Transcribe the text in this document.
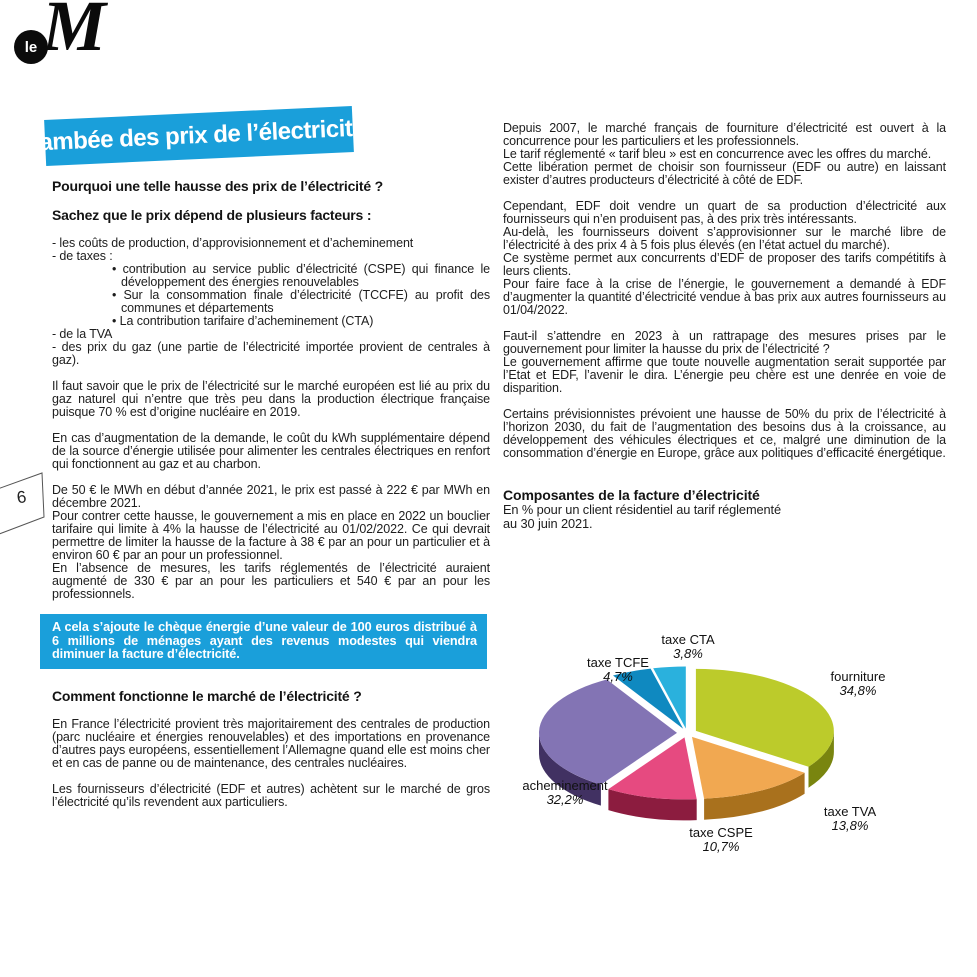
le M
Flambée des prix de l’électricité !
6
Pourquoi une telle hausse des prix de l’électricité ?
Sachez que le prix dépend de plusieurs facteurs :
- les coûts de production, d’approvisionnement et d’acheminement
- de taxes :
• contribution au service public d’électricité (CSPE) qui finance le développement des énergies renouvelables
• Sur la consommation finale d’électricité (TCCFE) au profit des communes et départements
• La contribution tarifaire d’acheminement (CTA)
- de la TVA
- des prix du gaz (une partie de l’électricité importée provient de centrales à gaz).
Il faut savoir que le prix de l’électricité sur le marché européen est lié au prix du gaz naturel qui n’entre que très peu dans la production électrique française puisque 70 % est d’origine nucléaire en 2019.
En cas d’augmentation de la demande, le coût du kWh supplémentaire dépend de la source d’énergie utilisée pour alimenter les centrales électriques en renfort qui fonctionnent au gaz et au charbon.
De 50 € le MWh en début d’année 2021, le prix est passé à 222 € par MWh en décembre 2021.
Pour contrer cette hausse, le gouvernement a mis en place en 2022 un bouclier tarifaire qui limite à 4% la hausse de l’électricité au 01/02/2022. Ce qui devrait permettre de limiter la hausse de la facture à 38 € par an pour un particulier et à environ 60 € par an pour un professionnel.
En l’absence de mesures, les tarifs réglementés de l’électricité auraient augmenté de 330 € par an pour les particuliers et 540 € par an pour les professionnels.
A cela s’ajoute le chèque énergie d’une valeur de 100 euros distribué à 6 millions de ménages ayant des revenus modestes qui viendra diminuer la facture d’électricité.
Comment fonctionne le marché de l’électricité ?
En France l’électricité provient très majoritairement des centrales de production (parc nucléaire et énergies renouvelables) et des importations en provenance d’autres pays européens, essentiellement l’Allemagne quand elle est moins cher et en cas de panne ou de maintenance, des centrales nucléaires.
Les fournisseurs d’électricité (EDF et autres) achètent sur le marché de gros l’électricité qu’ils revendent aux particuliers.
Depuis 2007, le marché français de fourniture d’électricité est ouvert à la concurrence pour les particuliers et les professionnels.
Le tarif réglementé « tarif bleu » est en concurrence avec les offres du marché.
Cette libération permet de choisir son fournisseur (EDF ou autre) en laissant exister d’autres producteurs d’électricité à côté de EDF.
Cependant, EDF doit vendre un quart de sa production d’électricité aux fournisseurs qui n’en produisent pas, à des prix très intéressants.
Au-delà, les fournisseurs doivent s’approvisionner sur le marché libre de l’électricité à des prix 4 à 5 fois plus élevés (en l’état actuel du marché).
Ce système permet aux concurrents d’EDF de proposer des tarifs compétitifs à leurs clients.
Pour faire face à la crise de l’énergie, le gouvernement a demandé à EDF d’augmenter la quantité d’électricité vendue à bas prix aux autres fournisseurs au 01/04/2022.
Faut-il s’attendre en 2023 à un rattrapage des mesures prises par le gouvernement pour limiter la hausse du prix de l’électricité ?
Le gouvernement affirme que toute nouvelle augmentation serait supportée par l’Etat et EDF, l’avenir le dira. L’énergie peu chère est une denrée en voie de disparition.
Certains prévisionnistes prévoient une hausse de 50% du prix de l’électricité à l’horizon 2030, du fait de l’augmentation des besoins dus à la croissance, au développement des véhicules électriques et ce, malgré une diminution de la consommation d’énergie en Europe, grâce aux politiques d’efficacité énergétique.
Composantes de la facture d’électricité
En % pour un client résidentiel au tarif réglementé
au 30 juin 2021.
fourniture
34,8%
taxe TVA
13,8%
taxe CSPE
10,7%
acheminement
32,2%
taxe TCFE
4,7%
taxe CTA
3,8%
